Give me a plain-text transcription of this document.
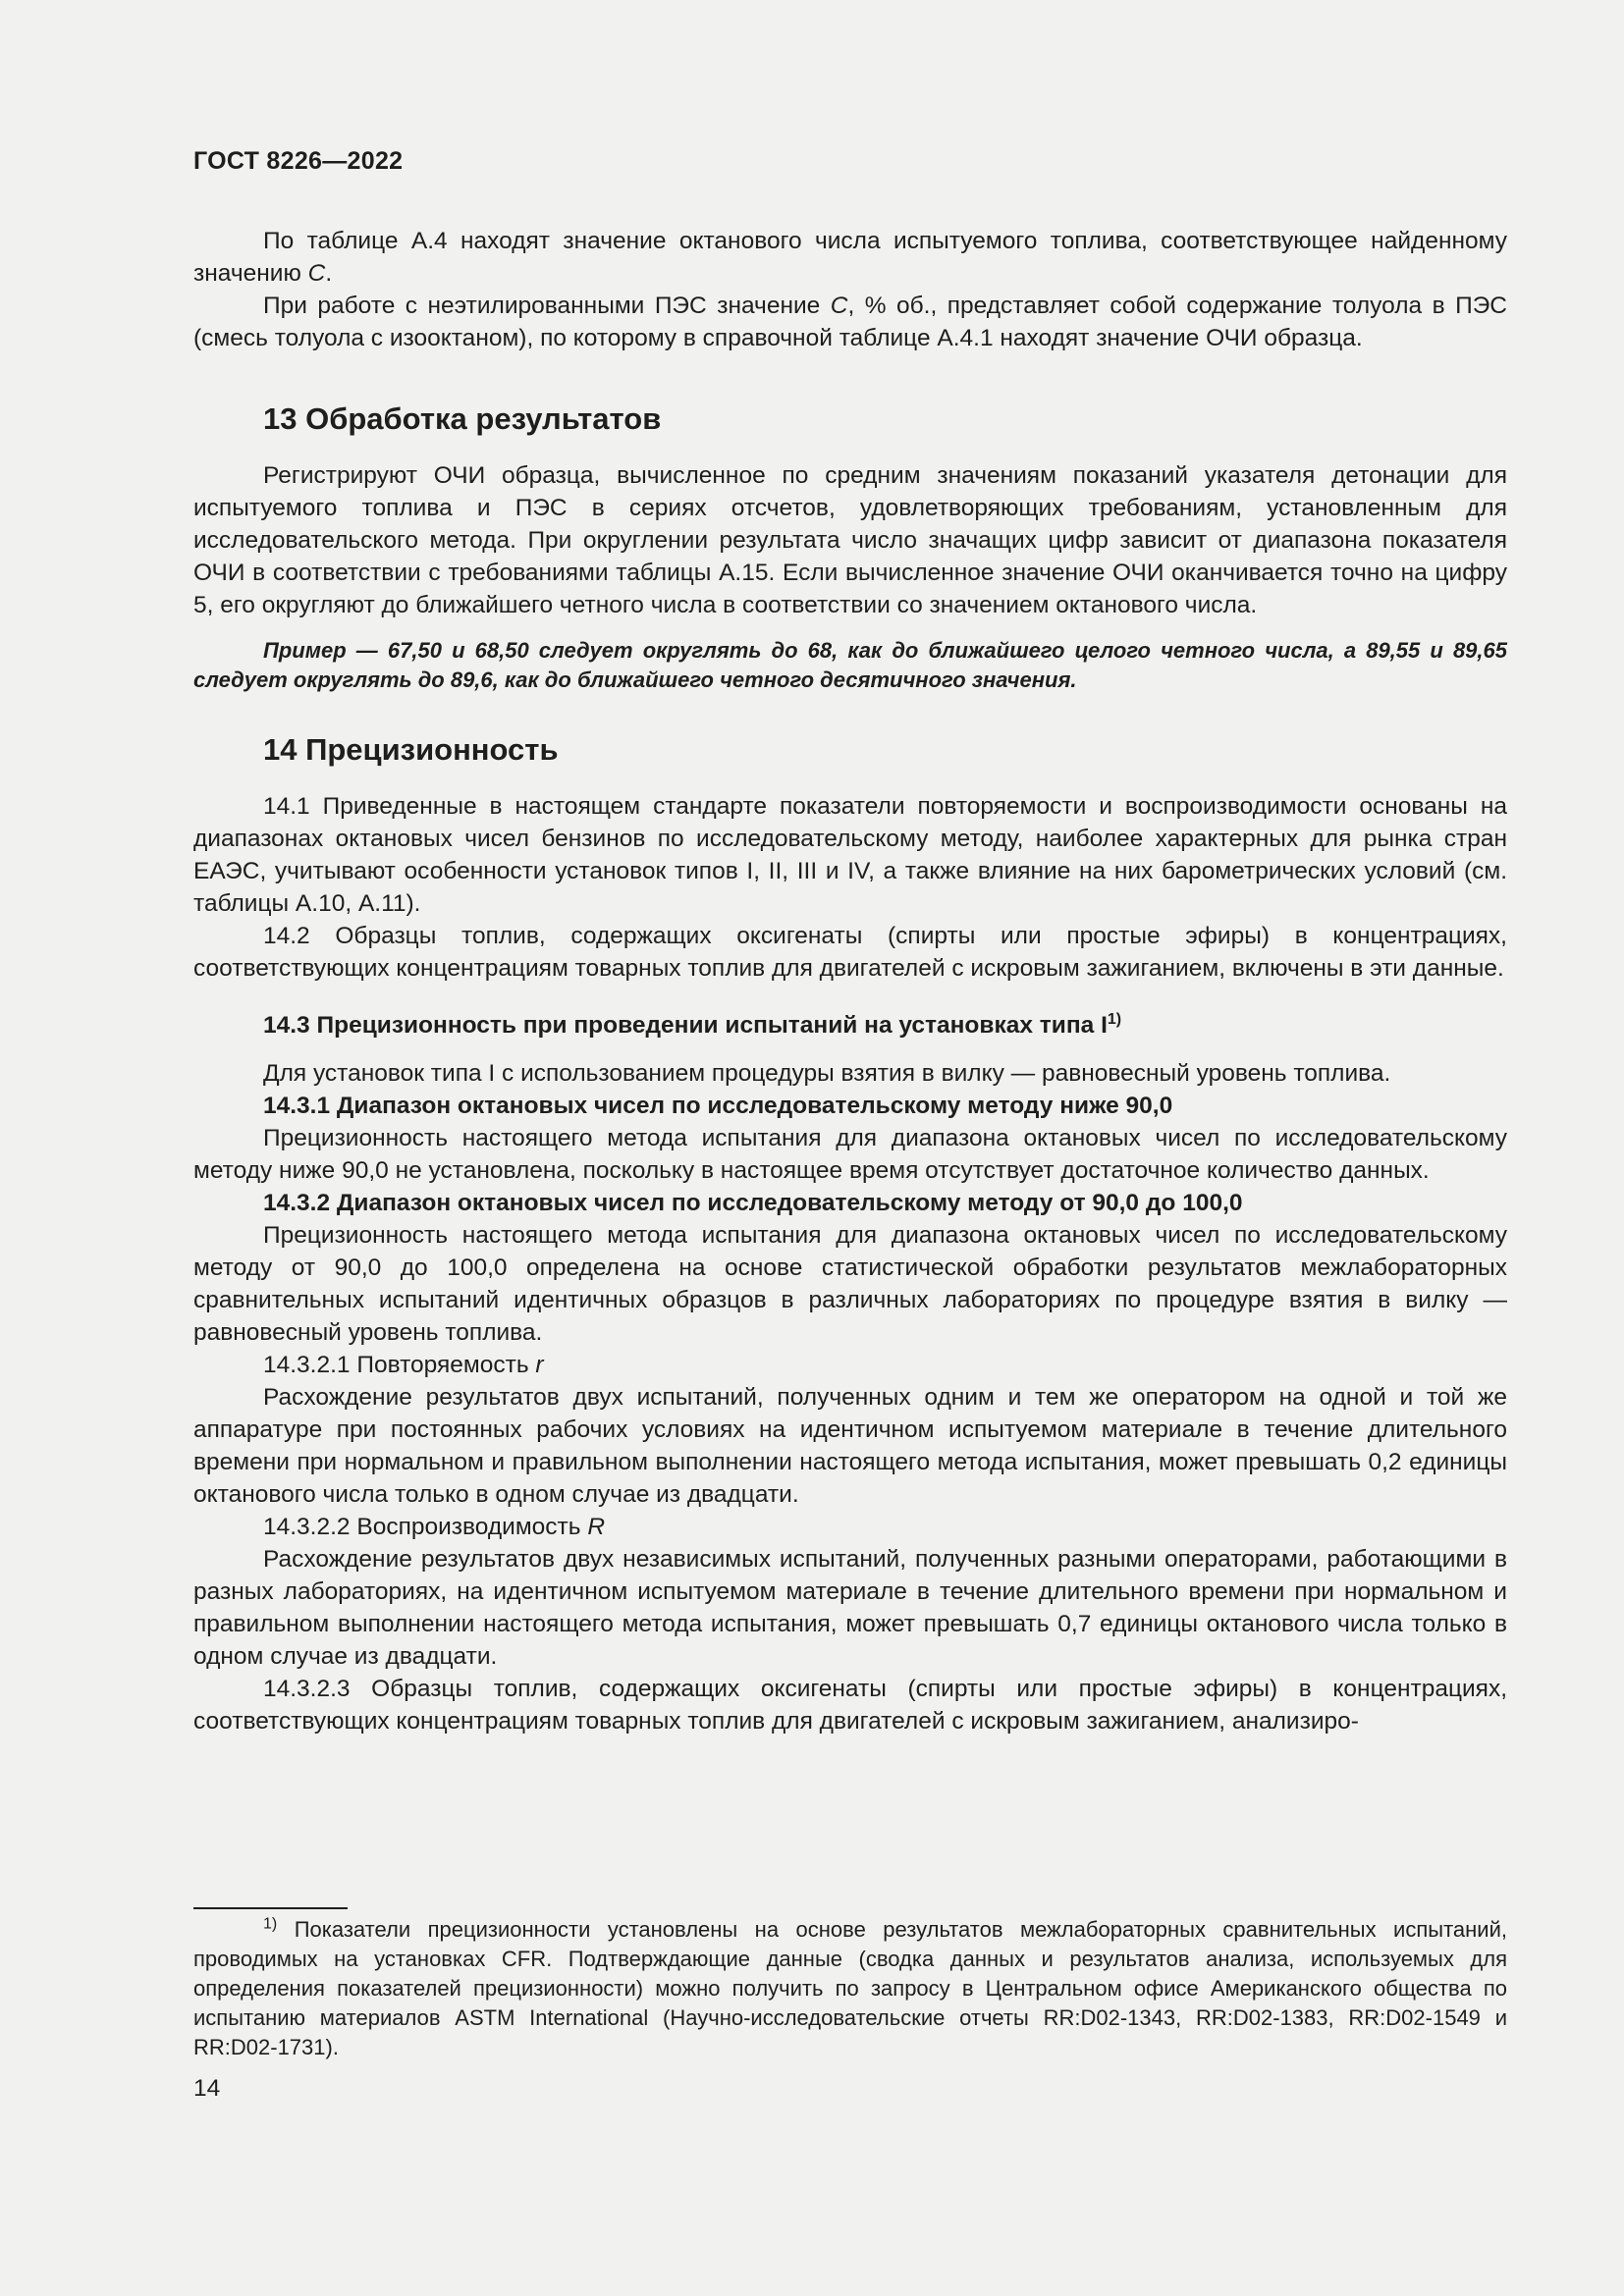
ГОСТ 8226—2022

По таблице А.4 находят значение октанового числа испытуемого топлива, соответствующее найденному значению С.

При работе с неэтилированными ПЭС значение С, % об., представляет собой содержание толуола в ПЭС (смесь толуола с изооктаном), по которому в справочной таблице А.4.1 находят значение ОЧИ образца.

13 Обработка результатов

Регистрируют ОЧИ образца, вычисленное по средним значениям показаний указателя детонации для испытуемого топлива и ПЭС в сериях отсчетов, удовлетворяющих требованиям, установленным для исследовательского метода. При округлении результата число значащих цифр зависит от диапазона показателя ОЧИ в соответствии с требованиями таблицы А.15. Если вычисленное значение ОЧИ оканчивается точно на цифру 5, его округляют до ближайшего четного числа в соответствии со значением октанового числа.

Пример — 67,50 и 68,50 следует округлять до 68, как до ближайшего целого четного числа, а 89,55 и 89,65 следует округлять до 89,6, как до ближайшего четного десятичного значения.

14 Прецизионность

14.1 Приведенные в настоящем стандарте показатели повторяемости и воспроизводимости основаны на диапазонах октановых чисел бензинов по исследовательскому методу, наиболее характерных для рынка стран ЕАЭС, учитывают особенности установок типов I, II, III и IV, а также влияние на них барометрических условий (см. таблицы А.10, А.11).

14.2 Образцы топлив, содержащих оксигенаты (спирты или простые эфиры) в концентрациях, соответствующих концентрациям товарных топлив для двигателей с искровым зажиганием, включены в эти данные.

14.3 Прецизионность при проведении испытаний на установках типа $I^{1)}$

Для установок типа I с использованием процедуры взятия в вилку — равновесный уровень топлива.

14.3.1 Диапазон октановых чисел по исследовательскому методу ниже 90,0

Прецизионность настоящего метода испытания для диапазона октановых чисел по исследовательскому методу ниже 90,0 не установлена, поскольку в настоящее время отсутствует достаточное количество данных.

14.3.2 Диапазон октановых чисел по исследовательскому методу от 90,0 до 100,0

Прецизионность настоящего метода испытания для диапазона октановых чисел по исследовательскому методу от 90,0 до 100,0 определена на основе статистической обработки результатов межлабораторных сравнительных испытаний идентичных образцов в различных лабораториях по процедуре взятия в вилку — равновесный уровень топлива.

14.3.2.1 Повторяемость r

Расхождение результатов двух испытаний, полученных одним и тем же оператором на одной и той же аппаратуре при постоянных рабочих условиях на идентичном испытуемом материале в течение длительного времени при нормальном и правильном выполнении настоящего метода испытания, может превышать 0,2 единицы октанового числа только в одном случае из двадцати.

14.3.2.2 Воспроизводимость R

Расхождение результатов двух независимых испытаний, полученных разными операторами, работающими в разных лабораториях, на идентичном испытуемом материале в течение длительного времени при нормальном и правильном выполнении настоящего метода испытания, может превышать 0,7 единицы октанового числа только в одном случае из двадцати.

14.3.2.3 Образцы топлив, содержащих оксигенаты (спирты или простые эфиры) в концентрациях, соответствующих концентрациям товарных топлив для двигателей с искровым зажиганием, анализиро-

$^{1)}$ Показатели прецизионности установлены на основе результатов межлабораторных сравнительных испытаний, проводимых на установках CFR. Подтверждающие данные (сводка данных и результатов анализа, используемых для определения показателей прецизионности) можно получить по запросу в Центральном офисе Американского общества по испытанию материалов ASTM International (Научно-исследовательские отчеты RR:D02-1343, RR:D02-1383, RR:D02-1549 и RR:D02-1731).

14
